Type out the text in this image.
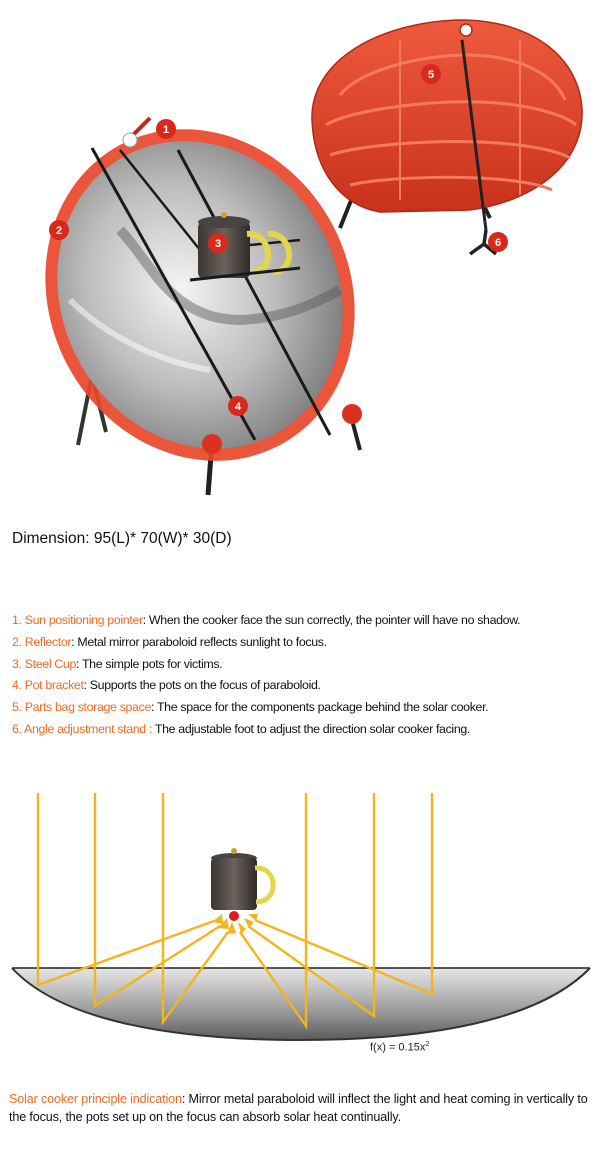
1
2
3
4
5
6
Dimension: 95(L)* 70(W)* 30(D)
1. Sun positioning pointer: When the cooker face the sun correctly, the pointer will have no shadow.
2. Reflector: Metal mirror paraboloid reflects sunlight to focus.
3. Steel Cup: The simple pots for victims.
4. Pot bracket: Supports the pots on the focus of paraboloid.
5. Parts bag storage space: The space for the components package behind the solar cooker.
6. Angle adjustment stand : The adjustable foot to adjust the direction solar cooker facing.
$f(x) = 0.15x^2$
Solar cooker principle indication: Mirror metal paraboloid will inflect the light and heat coming in vertically to the focus, the pots set up on the focus can absorb solar heat continually.
